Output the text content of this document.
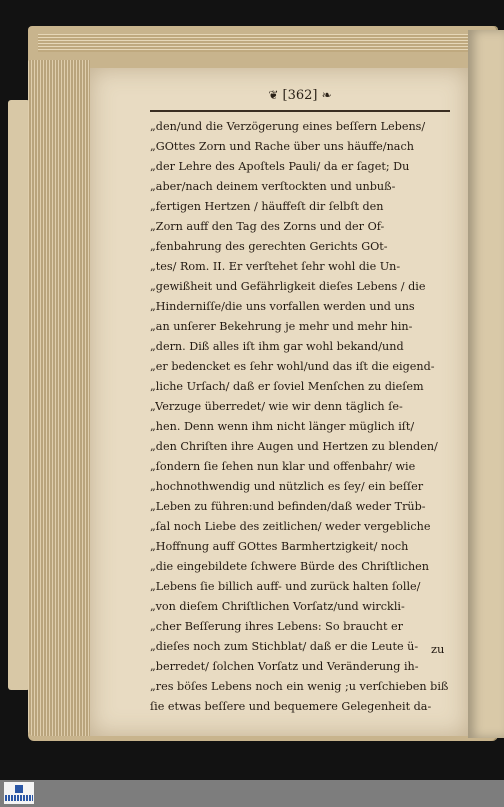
❦ [362] ❧
„den/und die Verzögerung eines beſſern Lebens/
„GOttes Zorn und Rache über uns häuffe/nach
„der Lehre des Apoſtels Pauli/ da er ſaget; Du
„aber/nach deinem verſtockten und unbuß-
„fertigen Hertzen / häuffeſt dir ſelbſt den
„Zorn auff den Tag des Zorns und der Of-
„fenbahrung des gerechten Gerichts GOt-
„tes/ Rom. II. Er verſtehet ſehr wohl die Un-
„gewißheit und Gefährligkeit dieſes Lebens / die
„Hinderniſſe/die uns vorfallen werden und uns
„an unſerer Bekehrung je mehr und mehr hin-
„dern. Diß alles iſt ihm gar wohl bekand/und
„er bedencket es ſehr wohl/und das iſt die eigend-
„liche Urſach/ daß er ſoviel Menſchen zu dieſem
„Verzuge überredet/ wie wir denn täglich ſe-
„hen. Denn wenn ihm nicht länger müglich iſt/
„den Chriſten ihre Augen und Hertzen zu blenden/
„ſondern ſie ſehen nun klar und offenbahr/ wie
„hochnothwendig und nützlich es ſey/ ein beſſer
„Leben zu führen:und befinden/daß weder Trüb-
„ſal noch Liebe des zeitlichen/ weder vergebliche
„Hoffnung auff GOttes Barmhertzigkeit/ noch
„die eingebildete ſchwere Bürde des Chriſtlichen
„Lebens ſie billich auff- und zurück halten ſolle/
„von dieſem Chriſtlichen Vorſatz/und wirckli-
„cher Beſſerung ihres Lebens: So braucht er
„dieſes noch zum Stichblat/ daß er die Leute ü-
„berredet/ ſolchen Vorſatz und Veränderung ih-
„res böſes Lebens noch ein wenig ;u verſchieben biß
ſie etwas beſſere und bequemere Gelegenheit da-
zu
